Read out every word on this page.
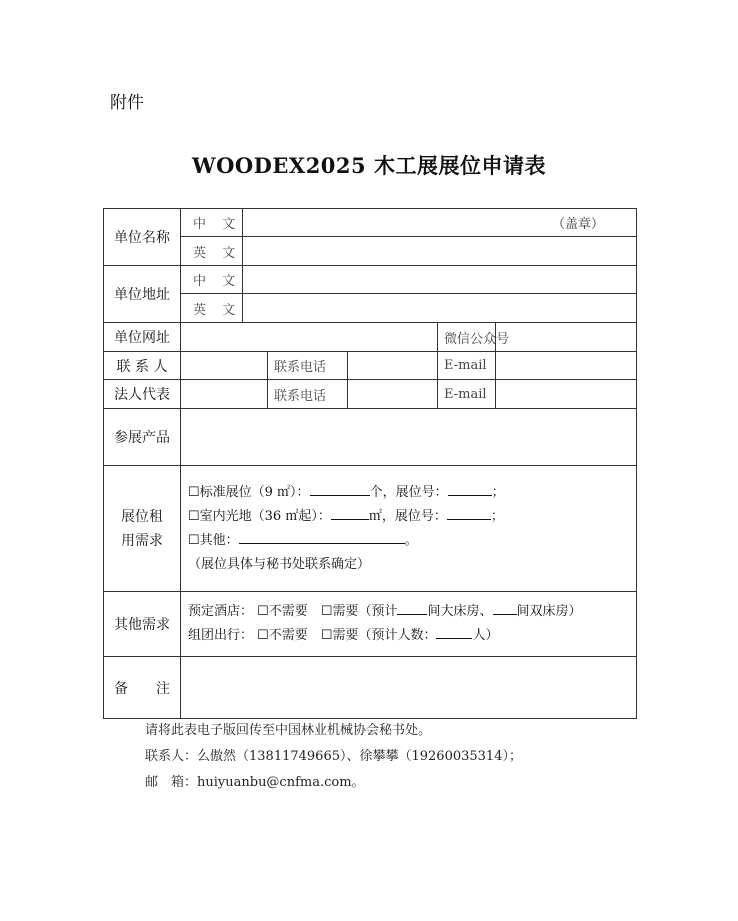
附件
WOODEX2025 木工展展位申请表
单位名称	中 文	（盖章）				

	英 文					
单位地址	中 文					
	英 文					
单位网址					微信公众号	
联 系 人			联系电话		E-mail	
法人代表			联系电话		E-mail	
参展产品						
展位租用需求	☐标准展位（9 ㎡）： 个，展位号： ；
☐室内光地（36 ㎡起）： ㎡，展位号： ；
☐其他： 。
（展位具体与秘书处联系确定）					

其他需求	预定酒店： ☐不需要　 ☐需要（预计 间大床房、 间双床房）
组团出行： ☐不需要　 ☐需要（预计人数： 人）					

备　　注						
请将此表电子版回传至中国林业机械协会秘书处。
联系人：么傲然（13811749665）、徐攀攀（19260035314）；
邮　箱：huiyuanbu@cnfma.com。
